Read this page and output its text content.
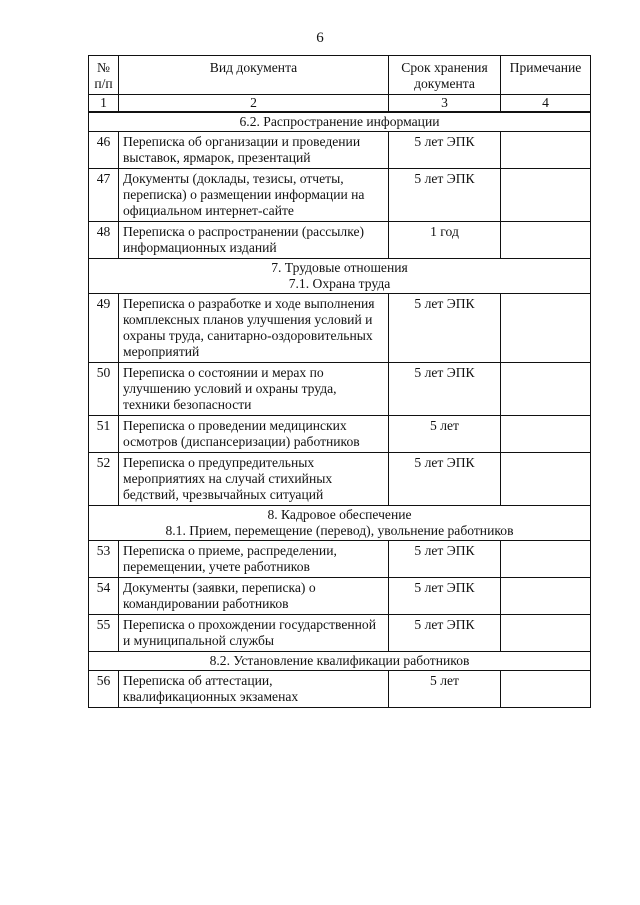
6
№ п/п	Вид документа	Срок хранения документа	Примечание
1	2	3	4

6.2. Распространение информации			

46	Переписка об организации и проведении выставок, ярмарок, презентаций	5 лет ЭПК	
47	Документы (доклады, тезисы, отчеты, переписка) о размещении информации на официальном интернет-сайте	5 лет ЭПК	
48	Переписка о распространении (рассылке) информационных изданий	1 год	

7. Трудовые отношения
7.1. Охрана труда			

49	Переписка о разработке и ходе выполнения комплексных планов улучшения условий и охраны труда, санитарно-оздоровительных мероприятий	5 лет ЭПК	
50	Переписка о состоянии и мерах по улучшению условий и охраны труда, техники безопасности	5 лет ЭПК	
51	Переписка о проведении медицинских осмотров (диспансеризации) работников	5 лет	
52	Переписка о предупредительных мероприятиях на случай стихийных бедствий, чрезвычайных ситуаций	5 лет ЭПК	

8. Кадровое обеспечение
8.1. Прием, перемещение (перевод), увольнение работников			

53	Переписка о приеме, распределении, перемещении, учете работников	5 лет ЭПК	
54	Документы (заявки, переписка) о командировании работников	5 лет ЭПК	
55	Переписка о прохождении государственной и муниципальной службы	5 лет ЭПК	

8.2. Установление квалификации работников			

56	Переписка об аттестации, квалификационных экзаменах	5 лет	
